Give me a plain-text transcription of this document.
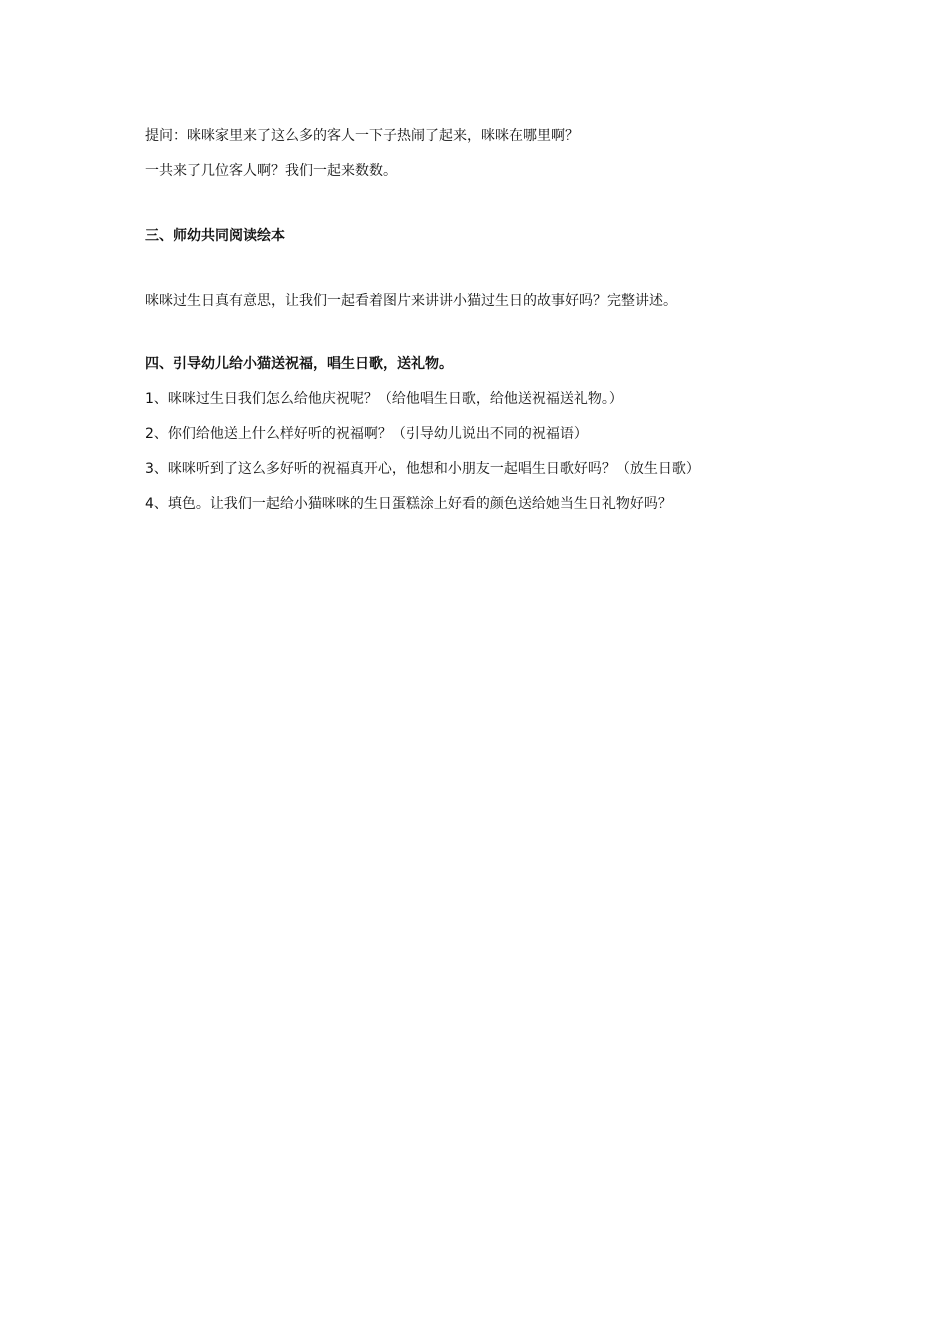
提问：咪咪家里来了这么多的客人一下子热闹了起来，咪咪在哪里啊？
一共来了几位客人啊？我们一起来数数。
三、师幼共同阅读绘本
咪咪过生日真有意思，让我们一起看着图片来讲讲小猫过生日的故事好吗？完整讲述。
四、引导幼儿给小猫送祝福，唱生日歌，送礼物。
1、咪咪过生日我们怎么给他庆祝呢？（给他唱生日歌，给他送祝福送礼物。）
2、你们给他送上什么样好听的祝福啊？（引导幼儿说出不同的祝福语）
3、咪咪听到了这么多好听的祝福真开心，他想和小朋友一起唱生日歌好吗？（放生日歌）
4、填色。让我们一起给小猫咪咪的生日蛋糕涂上好看的颜色送给她当生日礼物好吗？
